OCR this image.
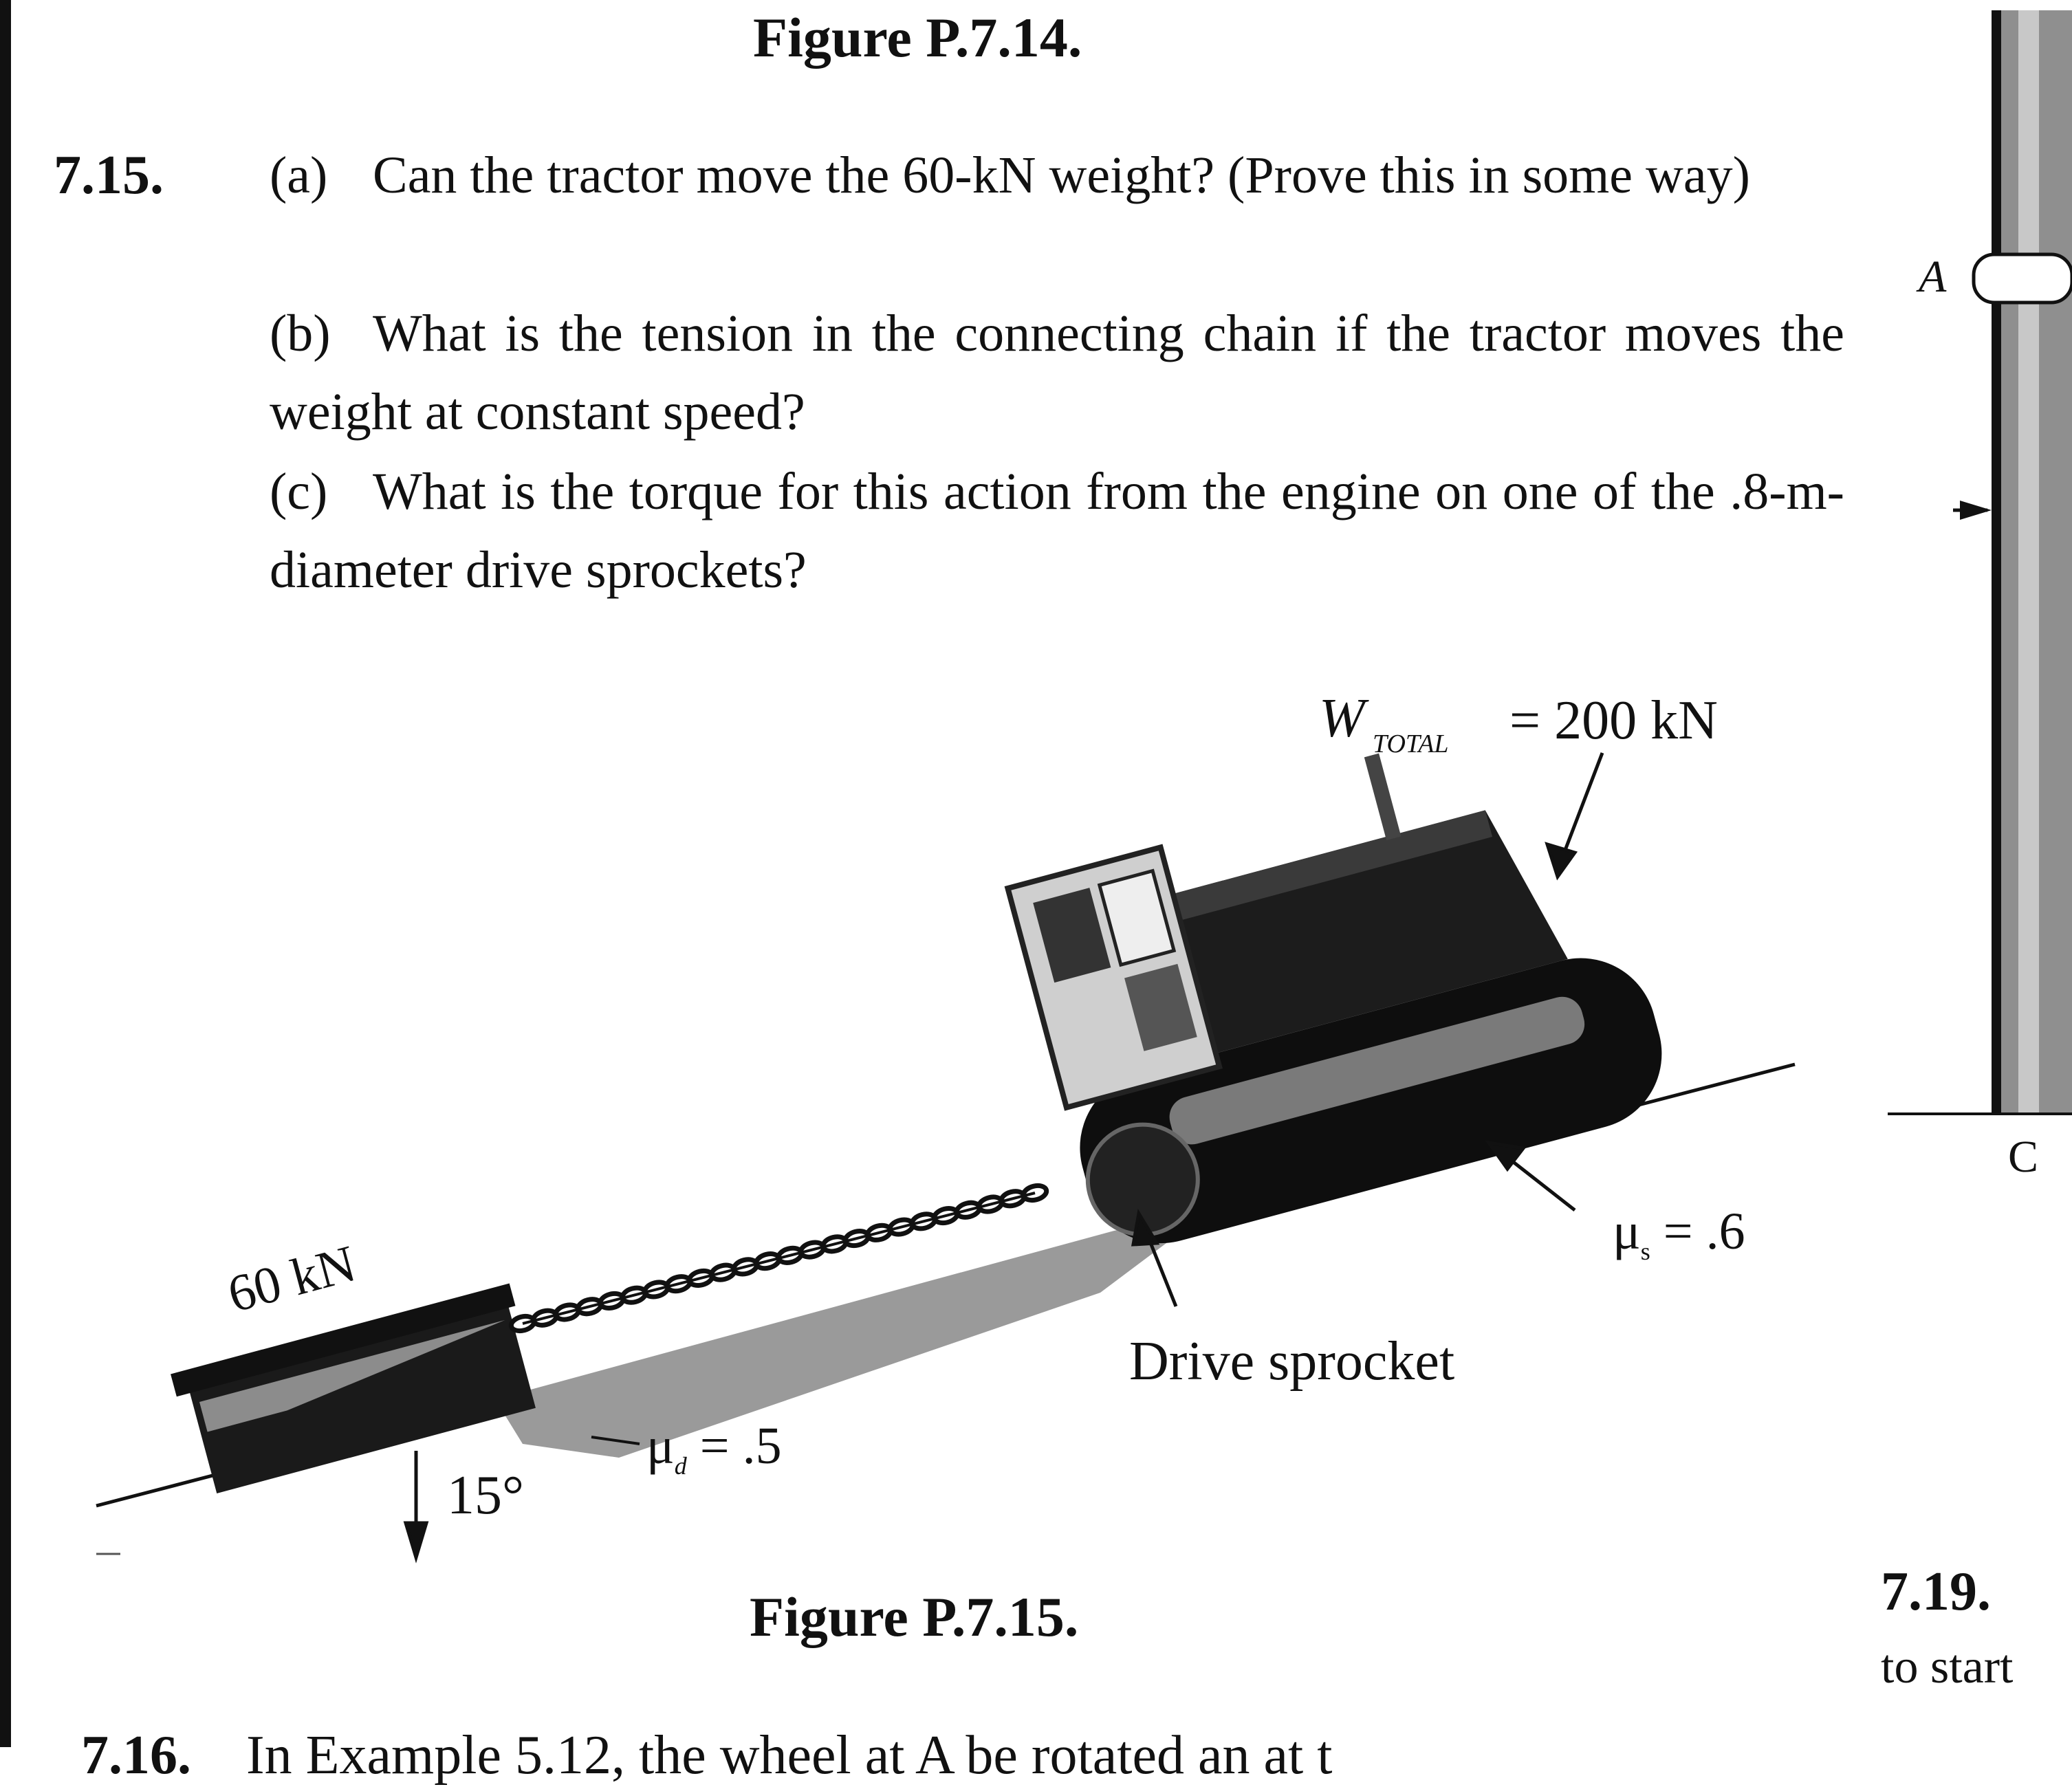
Figure P.7.14.
7.15.	(a) Can the tractor move the 60-kN weight? (Prove this in some way)
(b) What is the tension in the connecting chain if the tractor moves the weight at constant speed?
(c) What is the torque for this action from the engine on one of the .8-m-diameter drive sprockets?
W TOTAL = 200 kN
60 kN
$\mu_s = .6$
$\mu_d = .5$
Drive sprocket
15°
Figure P.7.15.
A
C
7.19.
to start
7.16. In Example 5.12, the wheel at A be rotated an at t
